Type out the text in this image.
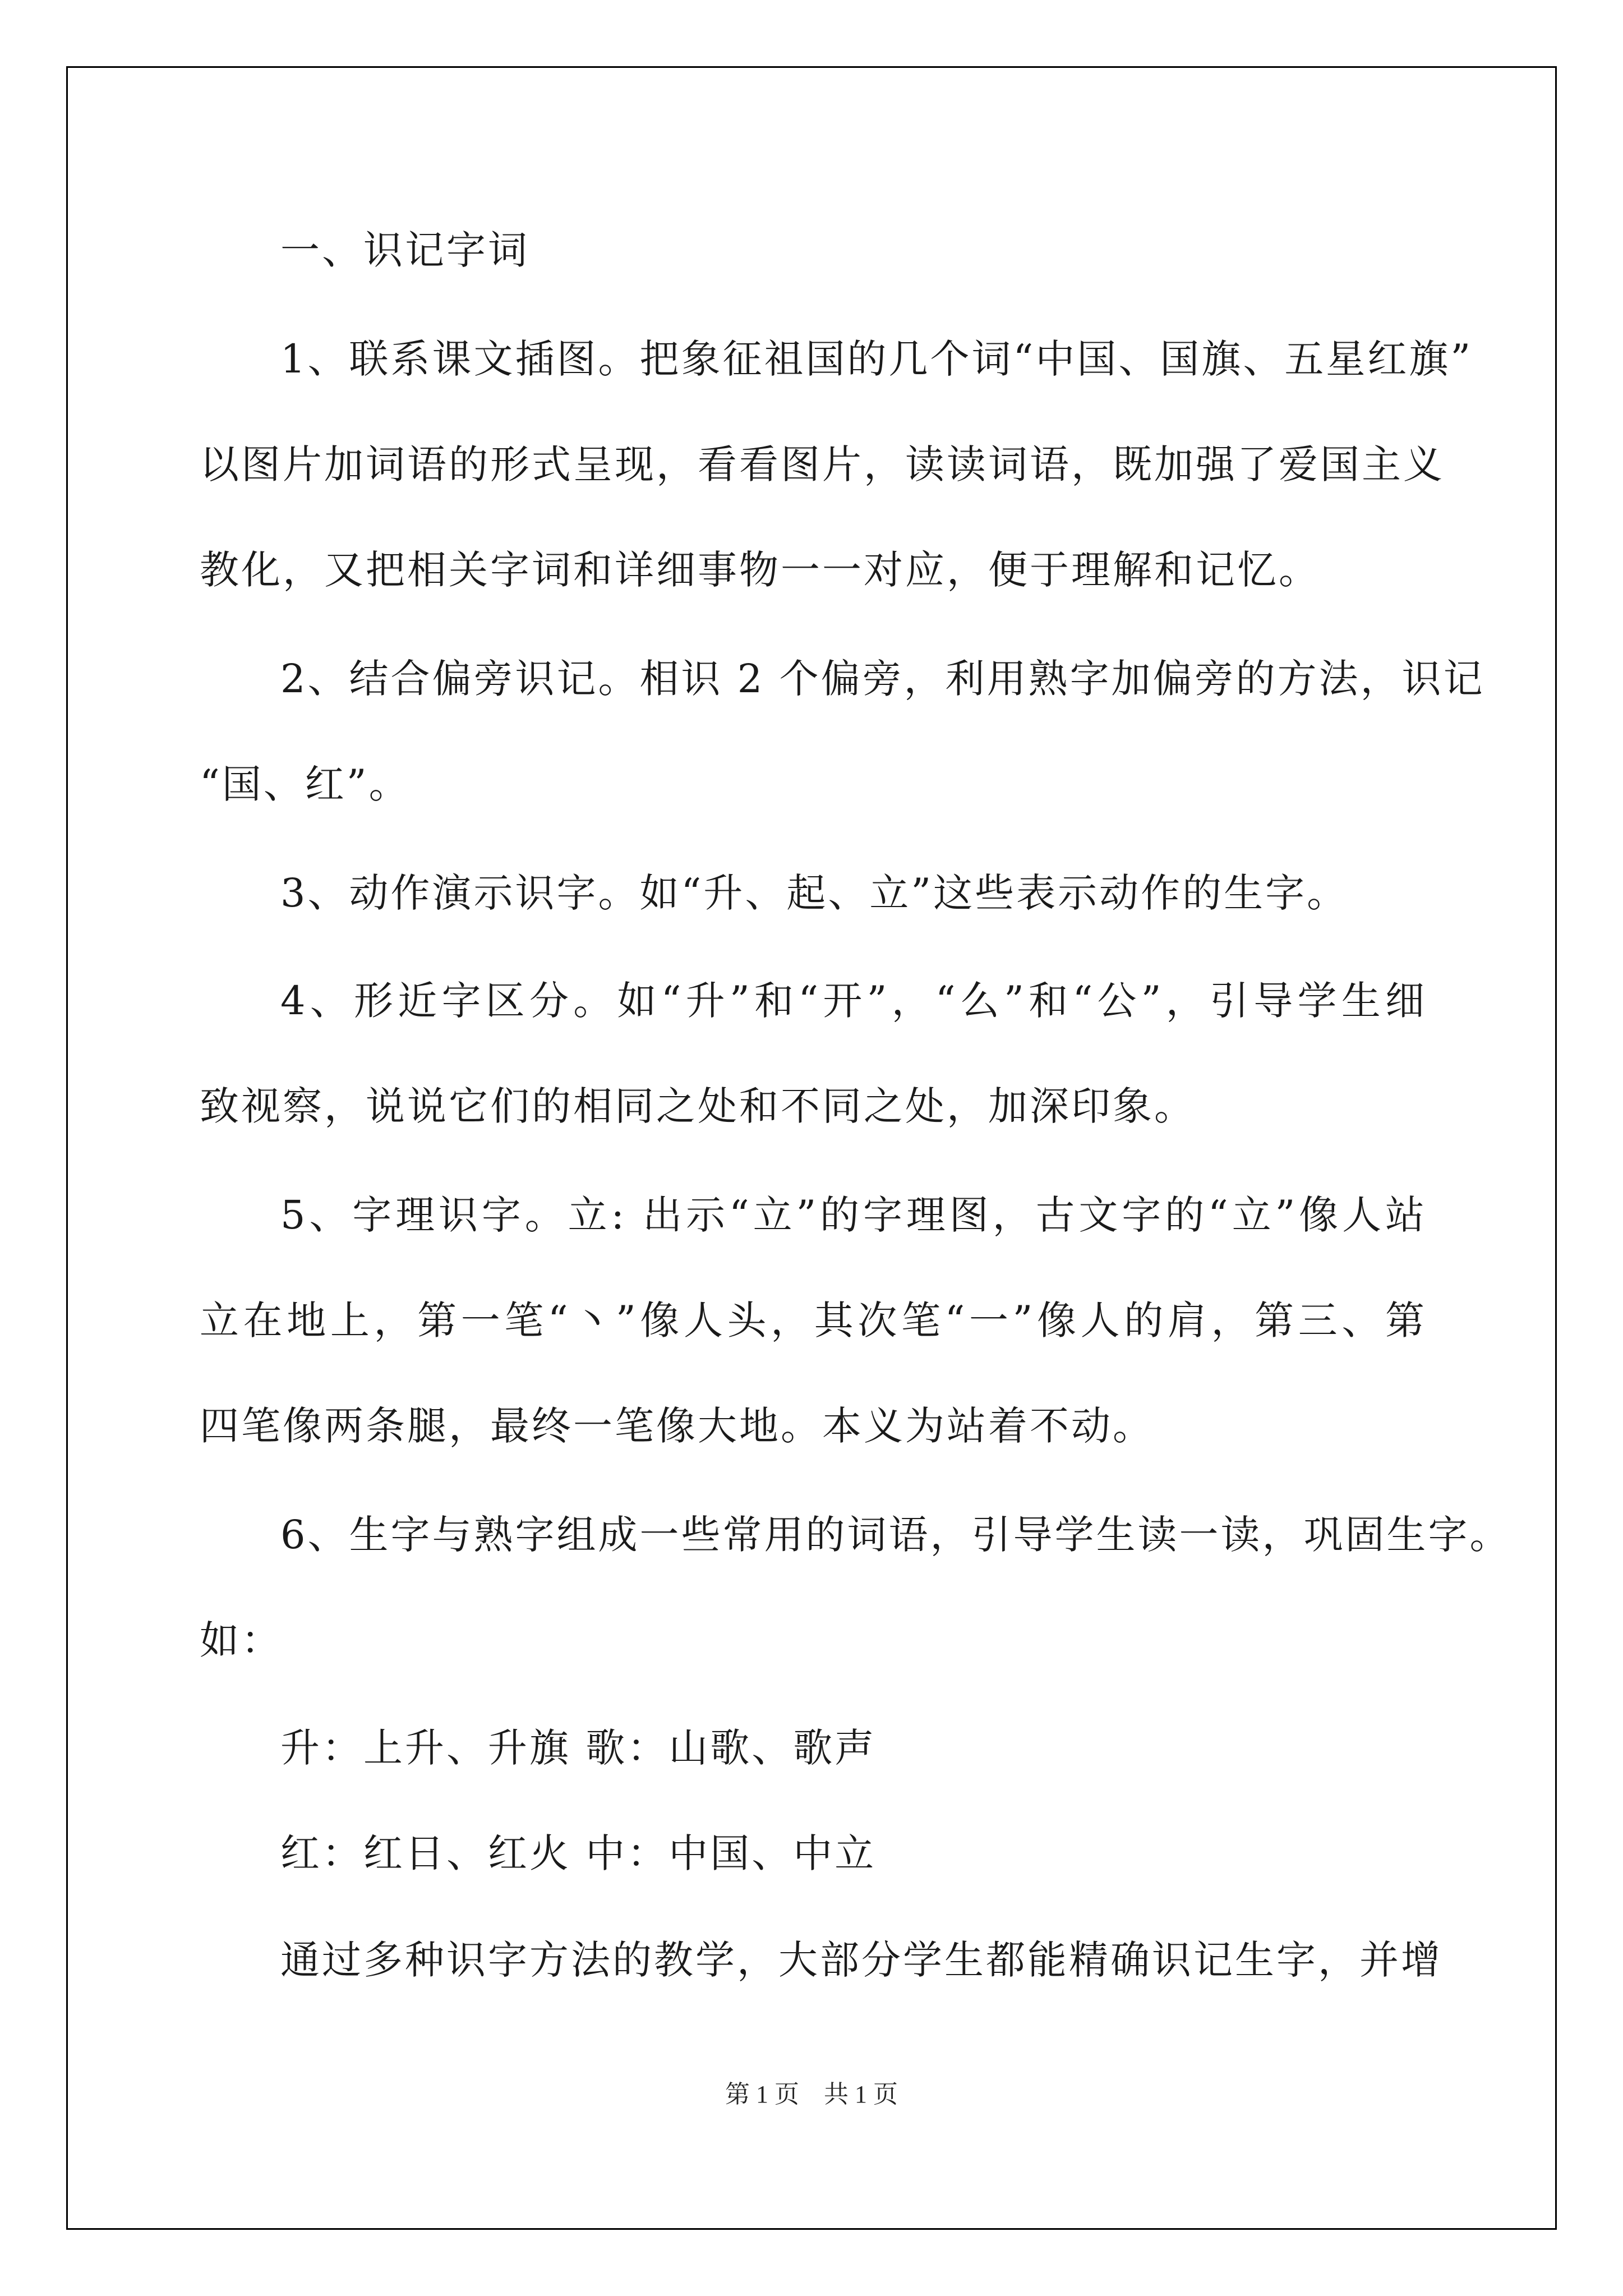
一、识记字词

1、联系课文插图。把象征祖国的几个词“中国、国旗、五星红旗”

以图片加词语的形式呈现，看看图片，读读词语，既加强了爱国主义

教化，又把相关字词和详细事物一一对应，便于理解和记忆。

2、结合偏旁识记。相识 2 个偏旁，利用熟字加偏旁的方法，识记

“国、红”。

3、动作演示识字。如“升、起、立”这些表示动作的生字。

4、形近字区分。如“升”和“开”，“么”和“公”，引导学生细

致视察，说说它们的相同之处和不同之处，加深印象。

5、字理识字。立: 出示“立”的字理图，古文字的“立”像人站

立在地上，第一笔“丶”像人头，其次笔“一”像人的肩，第三、第

四笔像两条腿，最终一笔像大地。本义为站着不动。

6、生字与熟字组成一些常用的词语，引导学生读一读，巩固生字。

如：

升：上升、升旗 歌：山歌、歌声

红：红日、红火 中：中国、中立

通过多种识字方法的教学，大部分学生都能精确识记生字，并增

第 1 页　共 1 页
